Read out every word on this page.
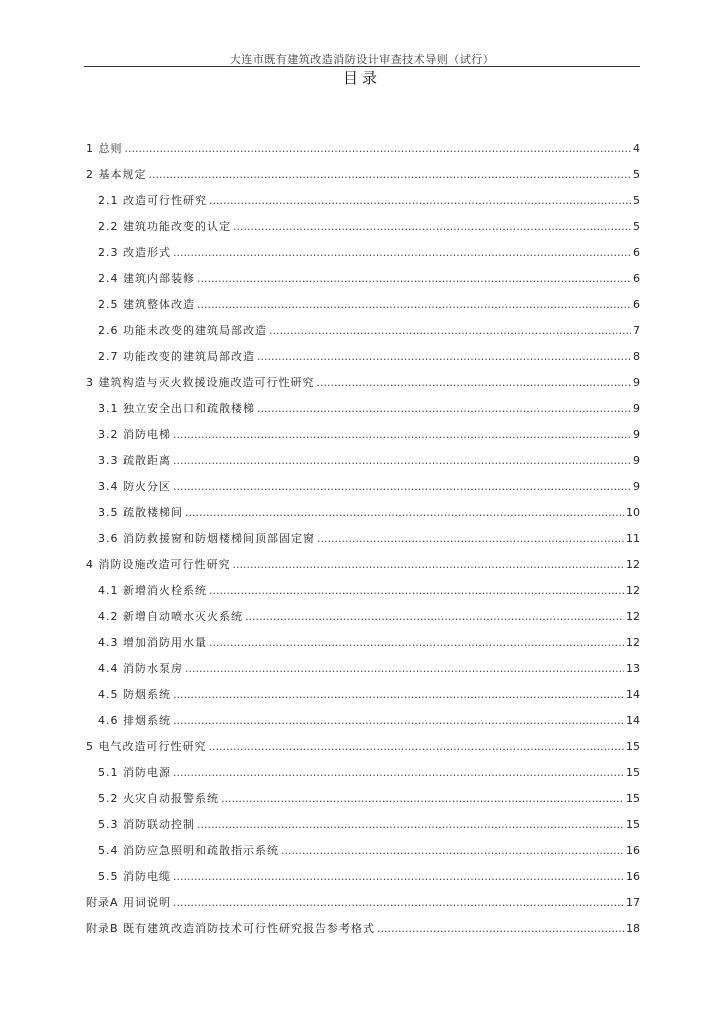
大连市既有建筑改造消防设计审查技术导则（试行）
目录
1 总则 .....	4
2 基本规定 .....	5
2.1 改造可行性研究 .....	5
2.2 建筑功能改变的认定 .....	5
2.3 改造形式 .....	6
2.4 建筑内部装修 .....	6
2.5 建筑整体改造 .....	6
2.6 功能未改变的建筑局部改造 .....	7
2.7 功能改变的建筑局部改造 .....	8
3 建筑构造与灭火救援设施改造可行性研究 .....	9
3.1 独立安全出口和疏散楼梯 .....	9
3.2 消防电梯 .....	9
3.3 疏散距离 .....	9
3.4 防火分区 .....	9
3.5 疏散楼梯间 .....	10
3.6 消防救援窗和防烟楼梯间顶部固定窗 .....	11
4 消防设施改造可行性研究 .....	12
4.1 新增消火栓系统 .....	12
4.2 新增自动喷水灭火系统 .....	12
4.3 增加消防用水量 .....	12
4.4 消防水泵房 .....	13
4.5 防烟系统 .....	14
4.6 排烟系统 .....	14
5 电气改造可行性研究 .....	15
5.1 消防电源 .....	15
5.2 火灾自动报警系统 .....	15
5.3 消防联动控制 .....	15
5.4 消防应急照明和疏散指示系统 .....	16
5.5 消防电缆 .....	16
附录A 用词说明 .....	17
附录B 既有建筑改造消防技术可行性研究报告参考格式 .....	18
